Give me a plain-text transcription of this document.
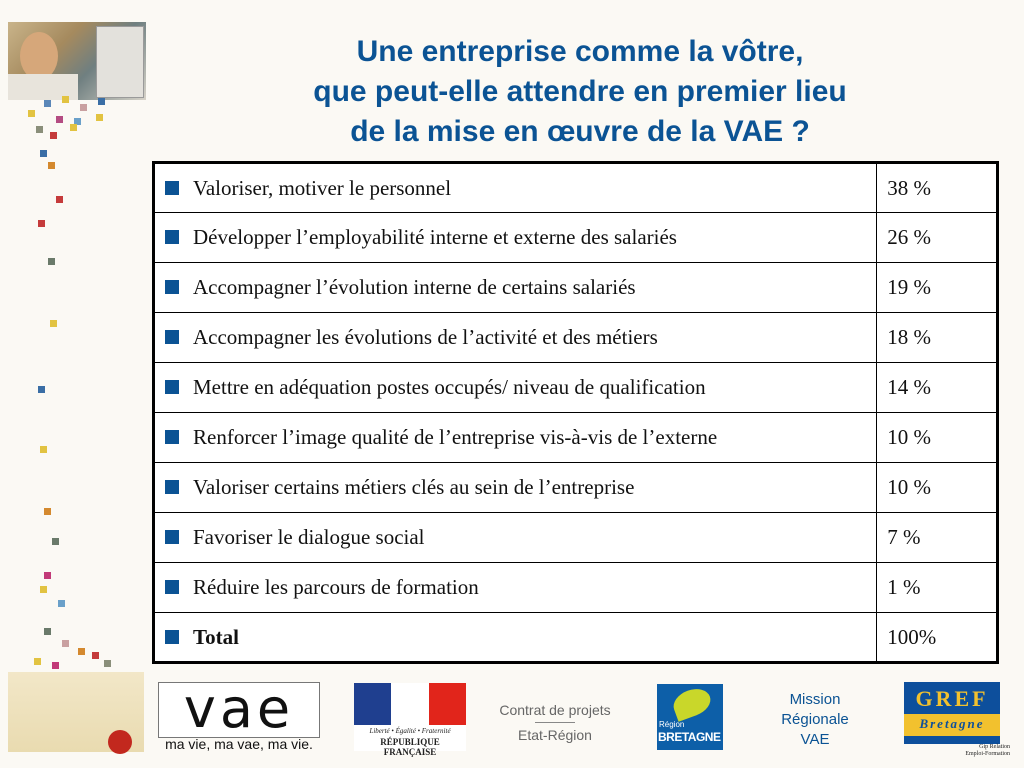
Une entreprise comme la vôtre,
que peut-elle attendre en premier lieu
de la mise en œuvre de la VAE ?
Valoriser, motiver le personnel	38 %
Développer l’employabilité interne et externe des salariés	26 %
Accompagner l’évolution interne de certains salariés	19 %
Accompagner les évolutions de l’activité et des métiers	18 %
Mettre en adéquation postes occupés/ niveau de qualification	14 %
Renforcer l’image qualité de l’entreprise vis-à-vis de l’externe	10 %
Valoriser certains métiers clés au sein de l’entreprise	10 %
Favoriser le dialogue social	7 %
Réduire les parcours de formation	1 %
Total	100%
vae
ma vie, ma vae, ma vie.
Liberté • Égalité • Fraternité
RÉPUBLIQUE FRANÇAISE
Contrat de projets
Etat-Région
Région
BRETAGNE
Mission
Régionale
VAE
GREF
Bretagne
Gip Relation
Emploi-Formation
